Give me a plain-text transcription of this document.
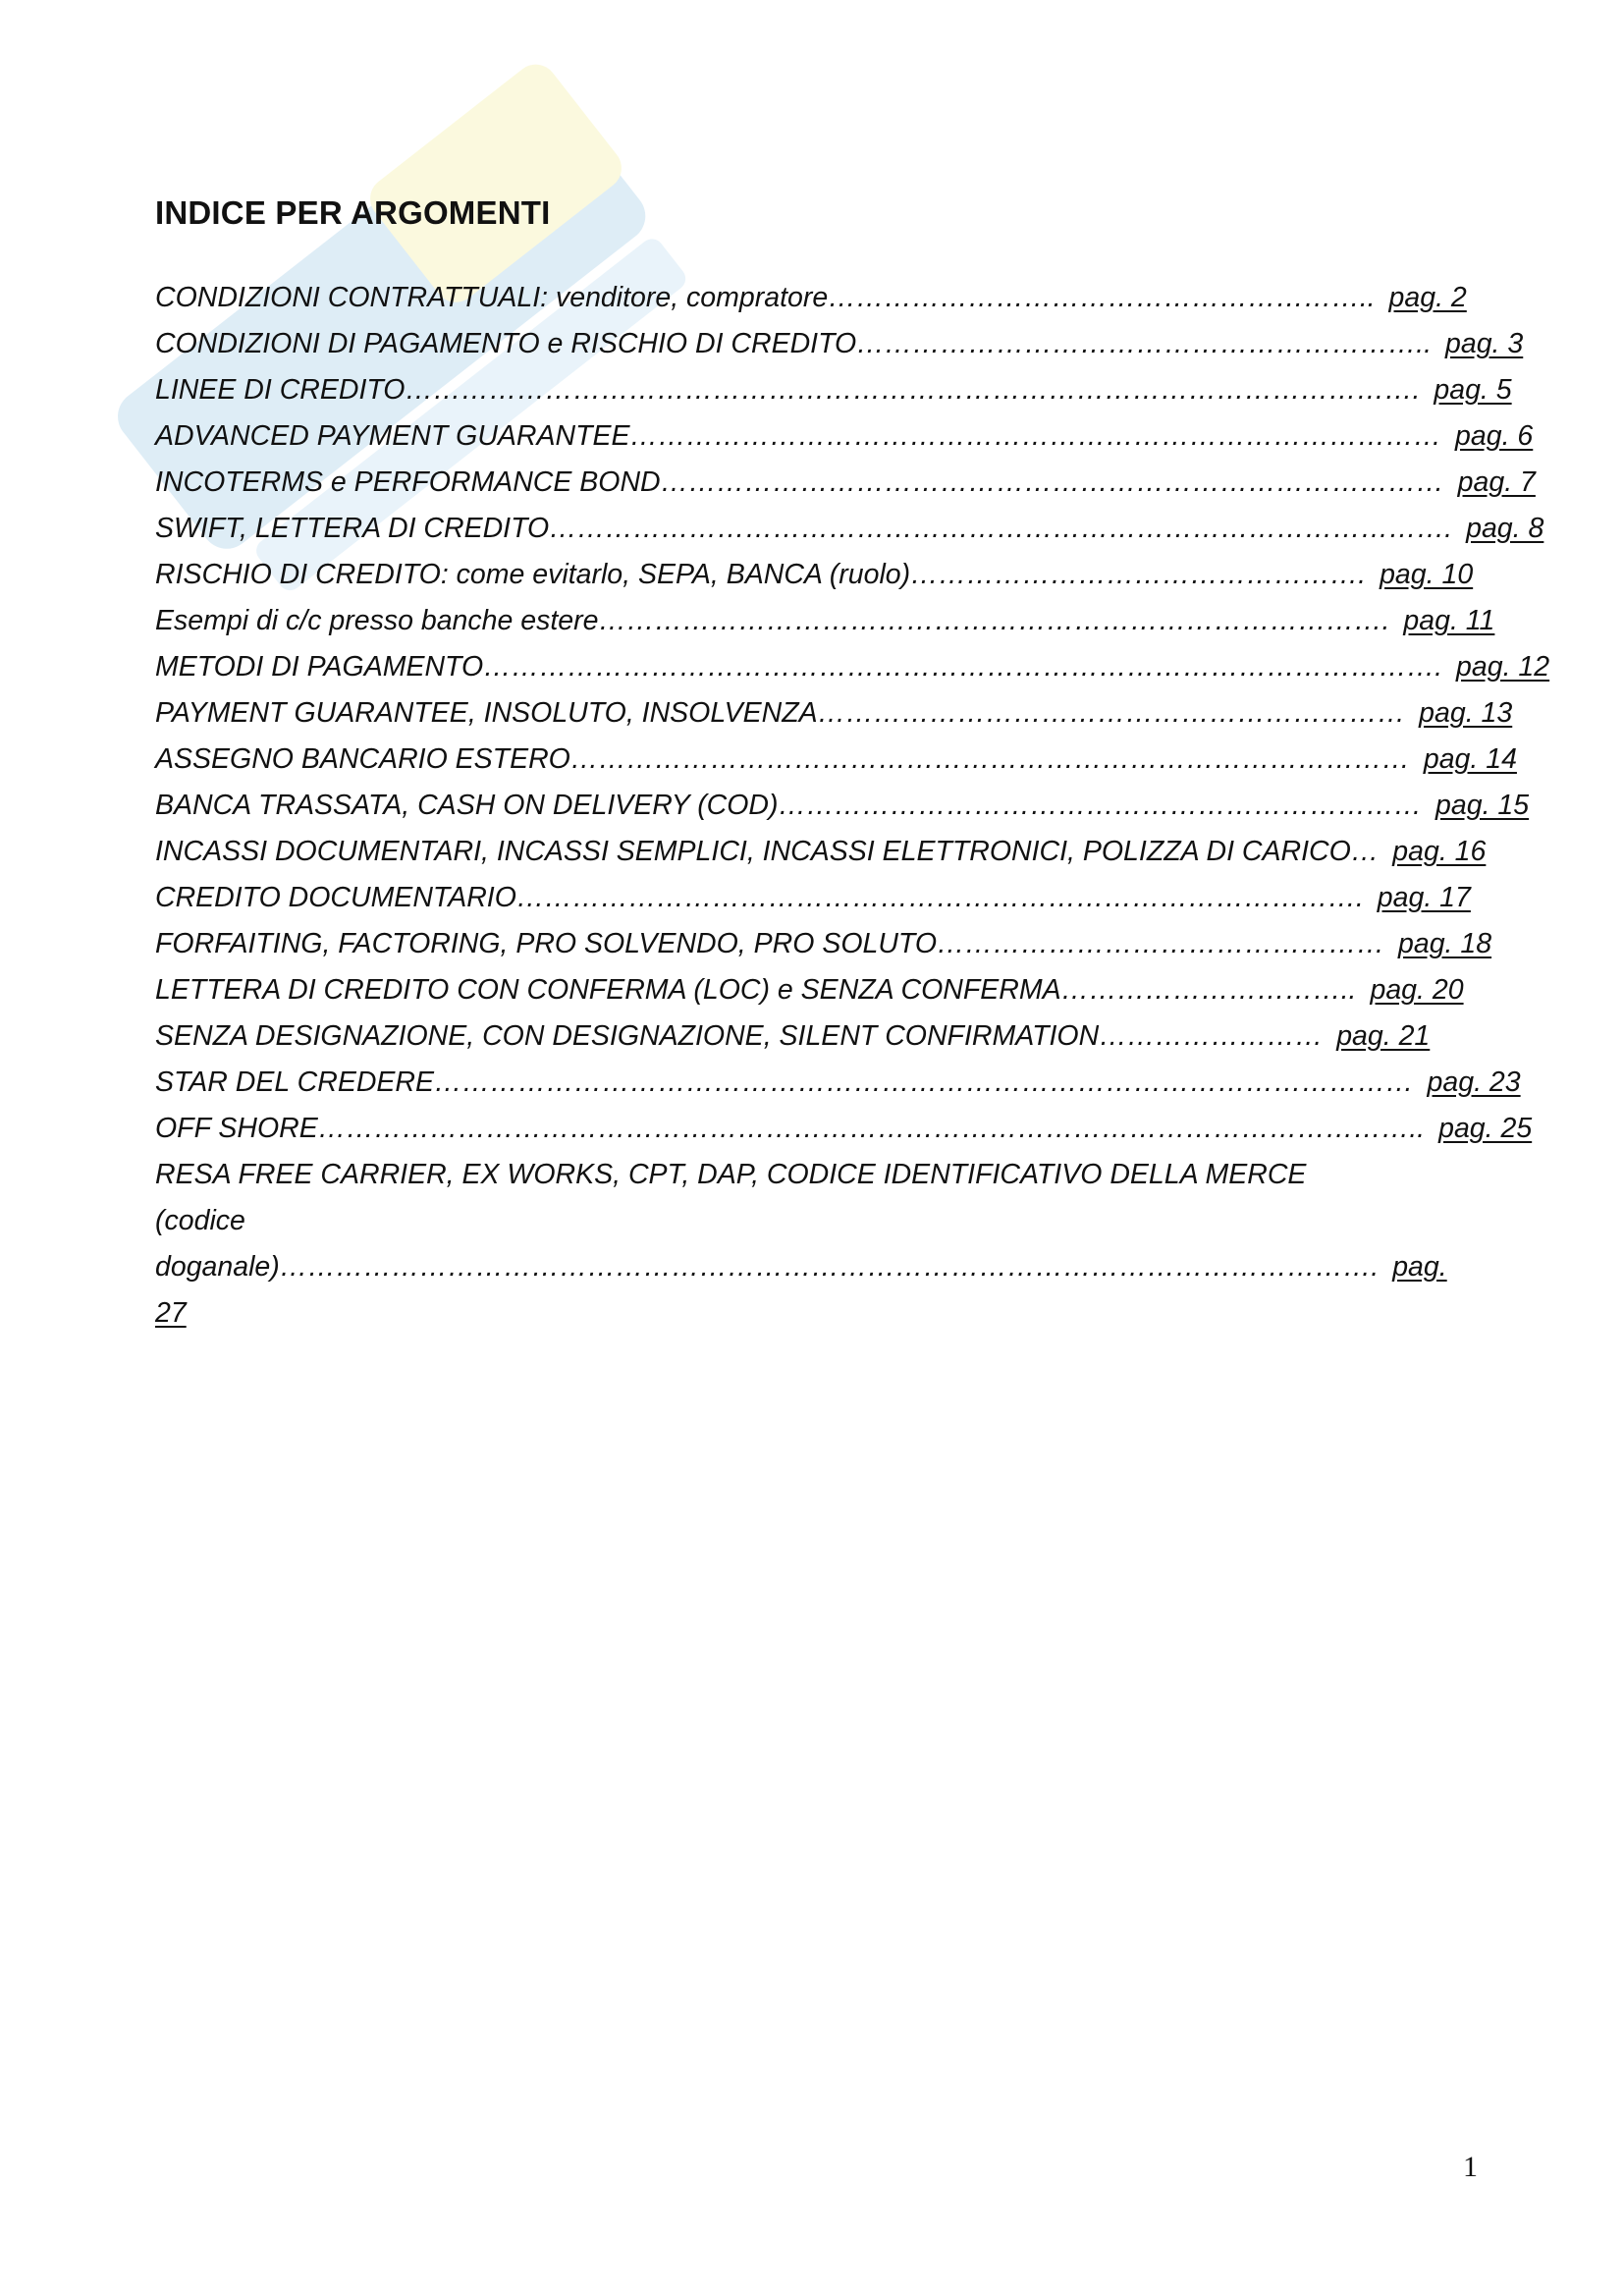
INDICE PER ARGOMENTI
CONDIZIONI CONTRATTUALI: venditore, compratore………………………………………………….. pag. 2
CONDIZIONI DI PAGAMENTO e RISCHIO DI CREDITO…………………………………………………….. pag. 3
LINEE DI CREDITO………………………………………………………………………………………………. pag. 5
ADVANCED PAYMENT GUARANTEE…………………………………………………………………………… pag. 6
INCOTERMS e PERFORMANCE BOND………………………………………………………………………… pag. 7
SWIFT, LETTERA DI CREDITO……………………………………………………………………………………. pag. 8
RISCHIO DI CREDITO: come evitarlo, SEPA, BANCA (ruolo)…………………………………………. pag. 10
Esempi di c/c presso banche estere…………………………………………………………………………. pag. 11
METODI DI PAGAMENTO…………………………………………………………………………………………. pag. 12
PAYMENT GUARANTEE, INSOLUTO, INSOLVENZA……………………………………………………… pag. 13
ASSEGNO BANCARIO ESTERO……………………………………………………………………………… pag. 14
BANCA TRASSATA, CASH ON DELIVERY (COD)…………………………………………………………… pag. 15
INCASSI DOCUMENTARI, INCASSI SEMPLICI, INCASSI ELETTRONICI, POLIZZA DI CARICO… pag. 16
CREDITO DOCUMENTARIO………………………………………………………………………………. pag. 17
FORFAITING, FACTORING, PRO SOLVENDO, PRO SOLUTO………………………………………… pag. 18
LETTERA DI CREDITO CON CONFERMA (LOC) e SENZA CONFERMA………………………….. pag. 20
SENZA DESIGNAZIONE, CON DESIGNAZIONE, SILENT CONFIRMATION…………………… pag. 21
STAR DEL CREDERE…………………………………………………………………………………………… pag. 23
OFF SHORE……………………………………………………………………………………………………….. pag. 25
RESA FREE CARRIER, EX WORKS, CPT, DAP, CODICE IDENTIFICATIVO DELLA MERCE (codice doganale)………………………………………………………………………………………………………. pag. 27
1
